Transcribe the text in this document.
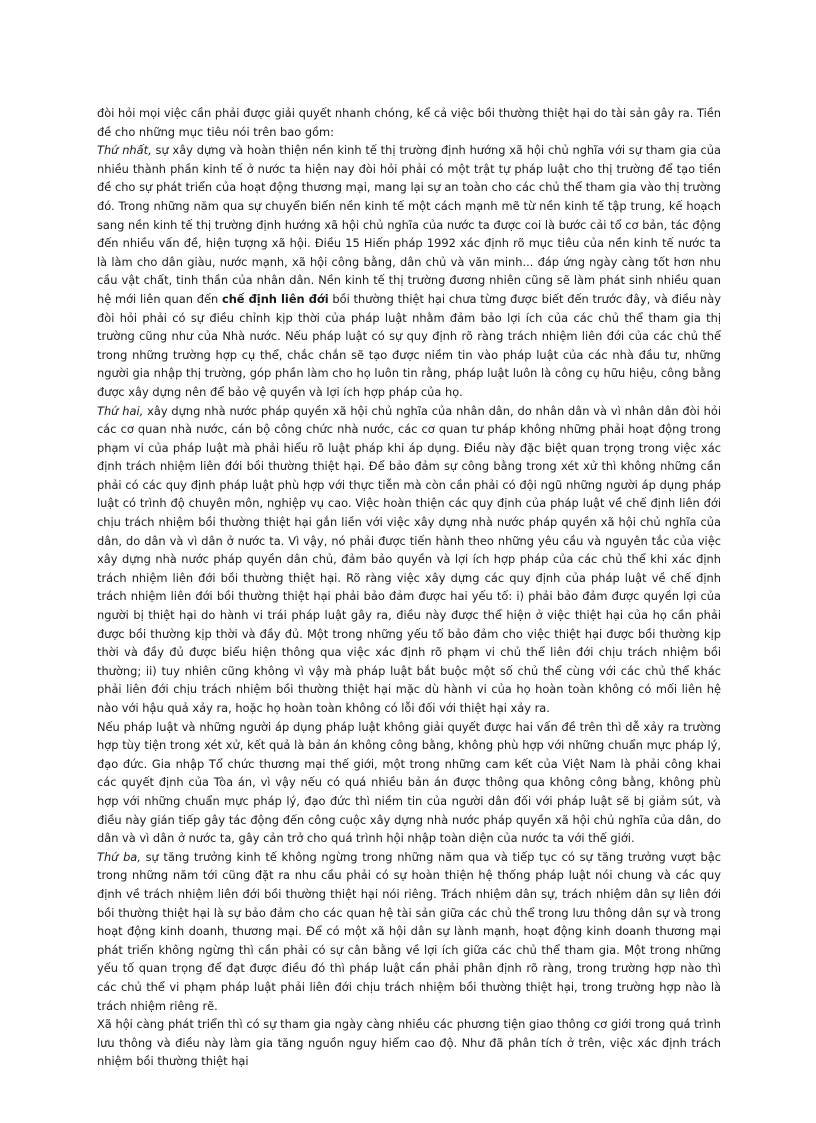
đòi hỏi mọi việc cần phải được giải quyết nhanh chóng, kể cả việc bồi thường thiệt hại do tài sản gây ra. Tiền đề cho những mục tiêu nói trên bao gồm:

Thứ nhất, sự xây dựng và hoàn thiện nền kinh tế thị trường định hướng xã hội chủ nghĩa với sự tham gia của nhiều thành phần kinh tế ở nước ta hiện nay đòi hỏi phải có một trật tự pháp luật cho thị trường để tạo tiền đề cho sự phát triển của hoạt động thương mại, mang lại sự an toàn cho các chủ thể tham gia vào thị trường đó. Trong những năm qua sự chuyển biến nền kinh tế một cách mạnh mẽ từ nền kinh tế tập trung, kế hoạch sang nền kinh tế thị trường định hướng xã hội chủ nghĩa của nước ta được coi là bước cải tổ cơ bản, tác động đến nhiều vấn đề, hiện tượng xã hội. Điều 15 Hiến pháp 1992 xác định rõ mục tiêu của nền kinh tế nước ta là làm cho dân giàu, nước mạnh, xã hội công bằng, dân chủ và văn minh... đáp ứng ngày càng tốt hơn nhu cầu vật chất, tinh thần của nhân dân. Nền kinh tế thị trường đương nhiên cũng sẽ làm phát sinh nhiều quan hệ mới liên quan đến chế định liên đới bồi thường thiệt hại chưa từng được biết đến trước đây, và điều này đòi hỏi phải có sự điều chỉnh kịp thời của pháp luật nhằm đảm bảo lợi ích của các chủ thể tham gia thị trường cũng như của Nhà nước. Nếu pháp luật có sự quy định rõ ràng trách nhiệm liên đới của các chủ thể trong những trường hợp cụ thể, chắc chắn sẽ tạo được niềm tin vào pháp luật của các nhà đầu tư, những người gia nhập thị trường, góp phần làm cho họ luôn tin rằng, pháp luật luôn là công cụ hữu hiệu, công bằng được xây dựng nên để bảo vệ quyền và lợi ích hợp pháp của họ.

Thứ hai, xây dựng nhà nước pháp quyền xã hội chủ nghĩa của nhân dân, do nhân dân và vì nhân dân đòi hỏi các cơ quan nhà nước, cán bộ công chức nhà nước, các cơ quan tư pháp không những phải hoạt động trong phạm vi của pháp luật mà phải hiểu rõ luật pháp khi áp dụng. Điều này đặc biệt quan trọng trong việc xác định trách nhiệm liên đới bồi thường thiệt hại. Để bảo đảm sự công bằng trong xét xử thì không những cần phải có các quy định pháp luật phù hợp với thực tiễn mà còn cần phải có đội ngũ những người áp dụng pháp luật có trình độ chuyên môn, nghiệp vụ cao. Việc hoàn thiện các quy định của pháp luật về chế định liên đới chịu trách nhiệm bồi thường thiệt hại gắn liền với việc xây dựng nhà nước pháp quyền xã hội chủ nghĩa của dân, do dân và vì dân ở nước ta. Vì vậy, nó phải được tiến hành theo những yêu cầu và nguyên tắc của việc xây dựng nhà nước pháp quyền dân chủ, đảm bảo quyền và lợi ích hợp pháp của các chủ thể khi xác định trách nhiệm liên đới bồi thường thiệt hại. Rõ ràng việc xây dựng các quy định của pháp luật về chế định trách nhiệm liên đới bồi thường thiệt hại phải bảo đảm được hai yếu tố: i) phải bảo đảm được quyền lợi của người bị thiệt hại do hành vi trái pháp luật gây ra, điều này được thể hiện ở việc thiệt hại của họ cần phải được bồi thường kịp thời và đầy đủ. Một trong những yếu tố bảo đảm cho việc thiệt hại được bồi thường kịp thời và đầy đủ được biểu hiện thông qua việc xác định rõ phạm vi chủ thể liên đới chịu trách nhiệm bồi thường; ii) tuy nhiên cũng không vì vậy mà pháp luật bắt buộc một số chủ thể cùng với các chủ thể khác phải liên đới chịu trách nhiệm bồi thường thiệt hại mặc dù hành vi của họ hoàn toàn không có mối liên hệ nào với hậu quả xảy ra, hoặc họ hoàn toàn không có lỗi đối với thiệt hại xảy ra.

Nếu pháp luật và những người áp dụng pháp luật không giải quyết được hai vấn đề trên thì dễ xảy ra trường hợp tùy tiện trong xét xử, kết quả là bản án không công bằng, không phù hợp với những chuẩn mực pháp lý, đạo đức. Gia nhập Tổ chức thương mại thế giới, một trong những cam kết của Việt Nam là phải công khai các quyết định của Tòa án, vì vậy nếu có quá nhiều bản án được thông qua không công bằng, không phù hợp với những chuẩn mực pháp lý, đạo đức thì niềm tin của người dân đối với pháp luật sẽ bị giảm sút, và điều này gián tiếp gây tác động đến công cuộc xây dựng nhà nước pháp quyền xã hội chủ nghĩa của dân, do dân và vì dân ở nước ta, gây cản trở cho quá trình hội nhập toàn diện của nước ta với thế giới.

Thứ ba, sự tăng trưởng kinh tế không ngừng trong những năm qua và tiếp tục có sự tăng trưởng vượt bậc trong những năm tới cũng đặt ra nhu cầu phải có sự hoàn thiện hệ thống pháp luật nói chung và các quy định về trách nhiệm liên đới bồi thường thiệt hại nói riêng. Trách nhiệm dân sự, trách nhiệm dân sự liên đới bồi thường thiệt hại là sự bảo đảm cho các quan hệ tài sản giữa các chủ thể trong lưu thông dân sự và trong hoạt động kinh doanh, thương mại. Để có một xã hội dân sự lành mạnh, hoạt động kinh doanh thương mại phát triển không ngừng thì cần phải có sự cân bằng về lợi ích giữa các chủ thể tham gia. Một trong những yếu tố quan trọng để đạt được điều đó thì pháp luật cần phải phân định rõ ràng, trong trường hợp nào thì các chủ thể vi phạm pháp luật phải liên đới chịu trách nhiệm bồi thường thiệt hại, trong trường hợp nào là trách nhiệm riêng rẽ.

Xã hội càng phát triển thì có sự tham gia ngày càng nhiều các phương tiện giao thông cơ giới trong quá trình lưu thông và điều này làm gia tăng nguồn nguy hiểm cao độ. Như đã phân tích ở trên, việc xác định trách nhiệm bồi thường thiệt hại
